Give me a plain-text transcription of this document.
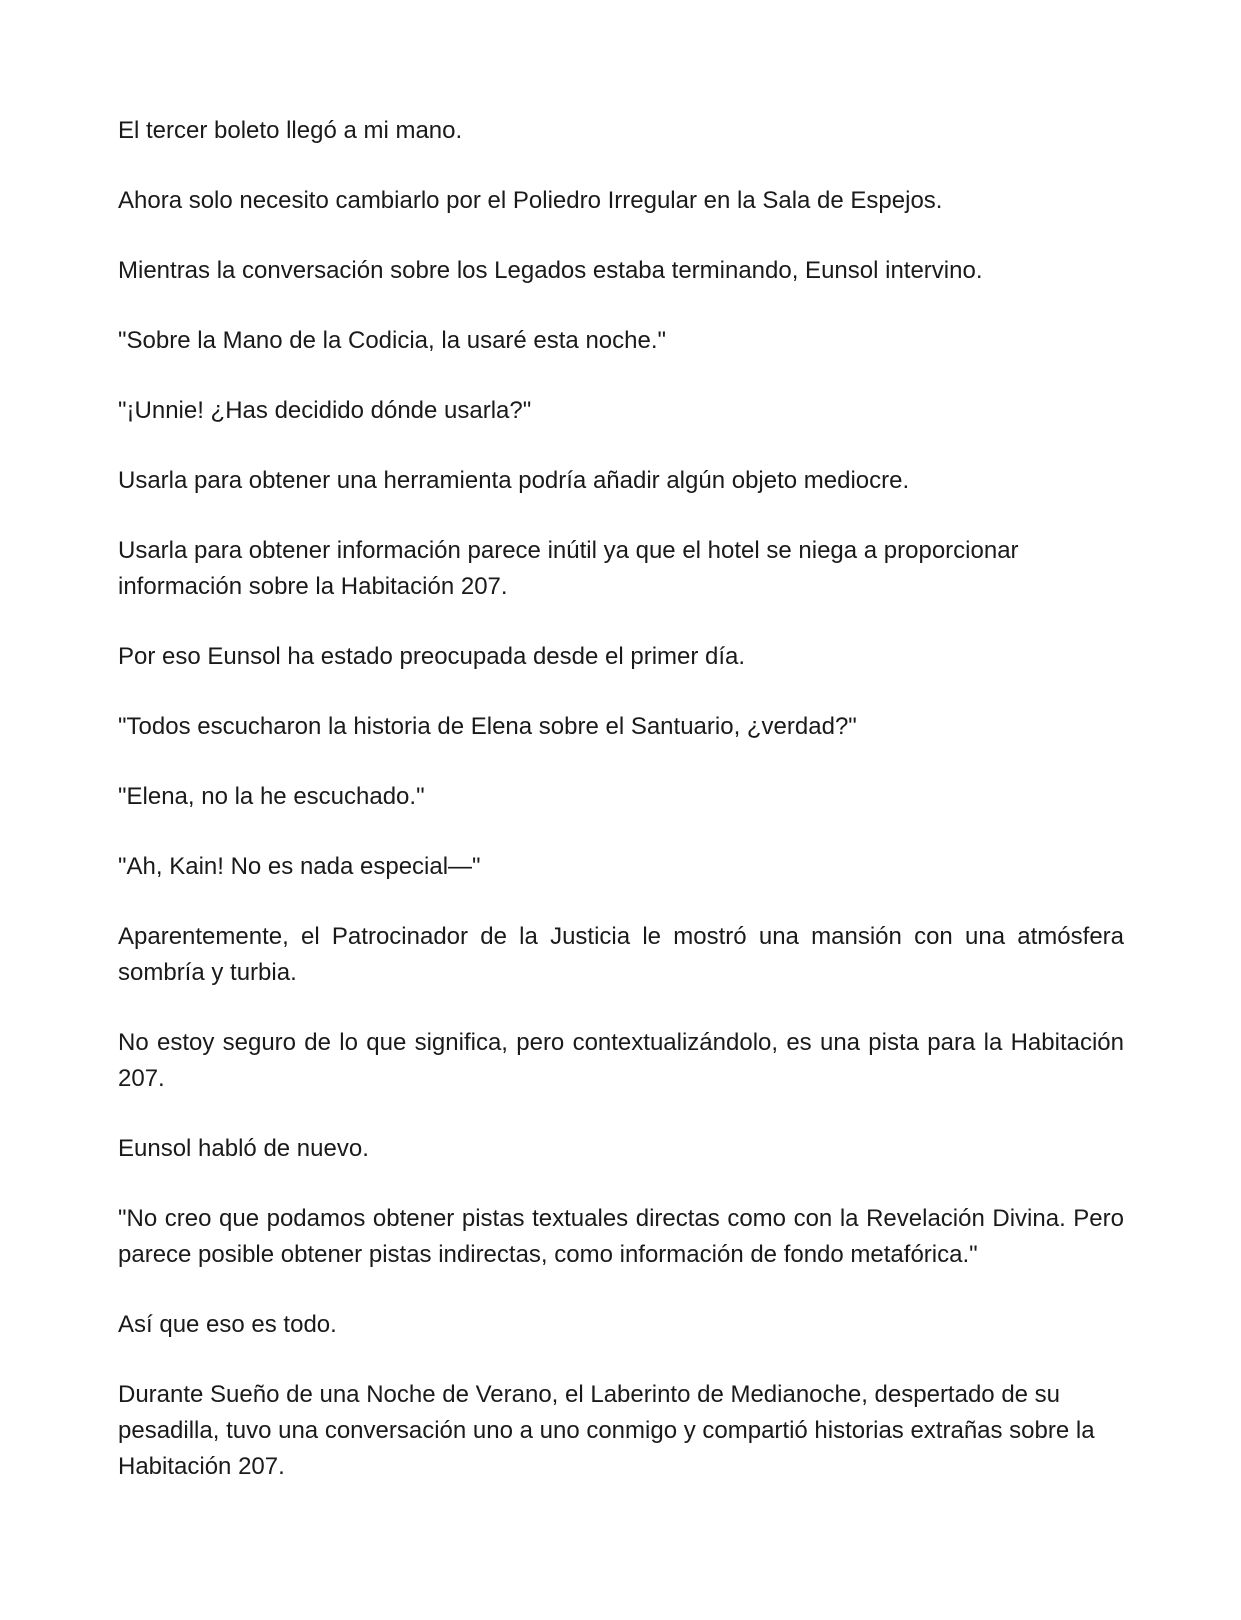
El tercer boleto llegó a mi mano.

Ahora solo necesito cambiarlo por el Poliedro Irregular en la Sala de Espejos.

Mientras la conversación sobre los Legados estaba terminando, Eunsol intervino.

"Sobre la Mano de la Codicia, la usaré esta noche."

"¡Unnie! ¿Has decidido dónde usarla?"

Usarla para obtener una herramienta podría añadir algún objeto mediocre.

Usarla para obtener información parece inútil ya que el hotel se niega a proporcionar información sobre la Habitación 207.

Por eso Eunsol ha estado preocupada desde el primer día.

"Todos escucharon la historia de Elena sobre el Santuario, ¿verdad?"

"Elena, no la he escuchado."

"Ah, Kain! No es nada especial—"

Aparentemente, el Patrocinador de la Justicia le mostró una mansión con una atmósfera sombría y turbia.

No estoy seguro de lo que significa, pero contextualizándolo, es una pista para la Habitación 207.

Eunsol habló de nuevo.

"No creo que podamos obtener pistas textuales directas como con la Revelación Divina. Pero parece posible obtener pistas indirectas, como información de fondo metafórica."

Así que eso es todo.

Durante Sueño de una Noche de Verano, el Laberinto de Medianoche, despertado de su pesadilla, tuvo una conversación uno a uno conmigo y compartió historias extrañas sobre la Habitación 207.
